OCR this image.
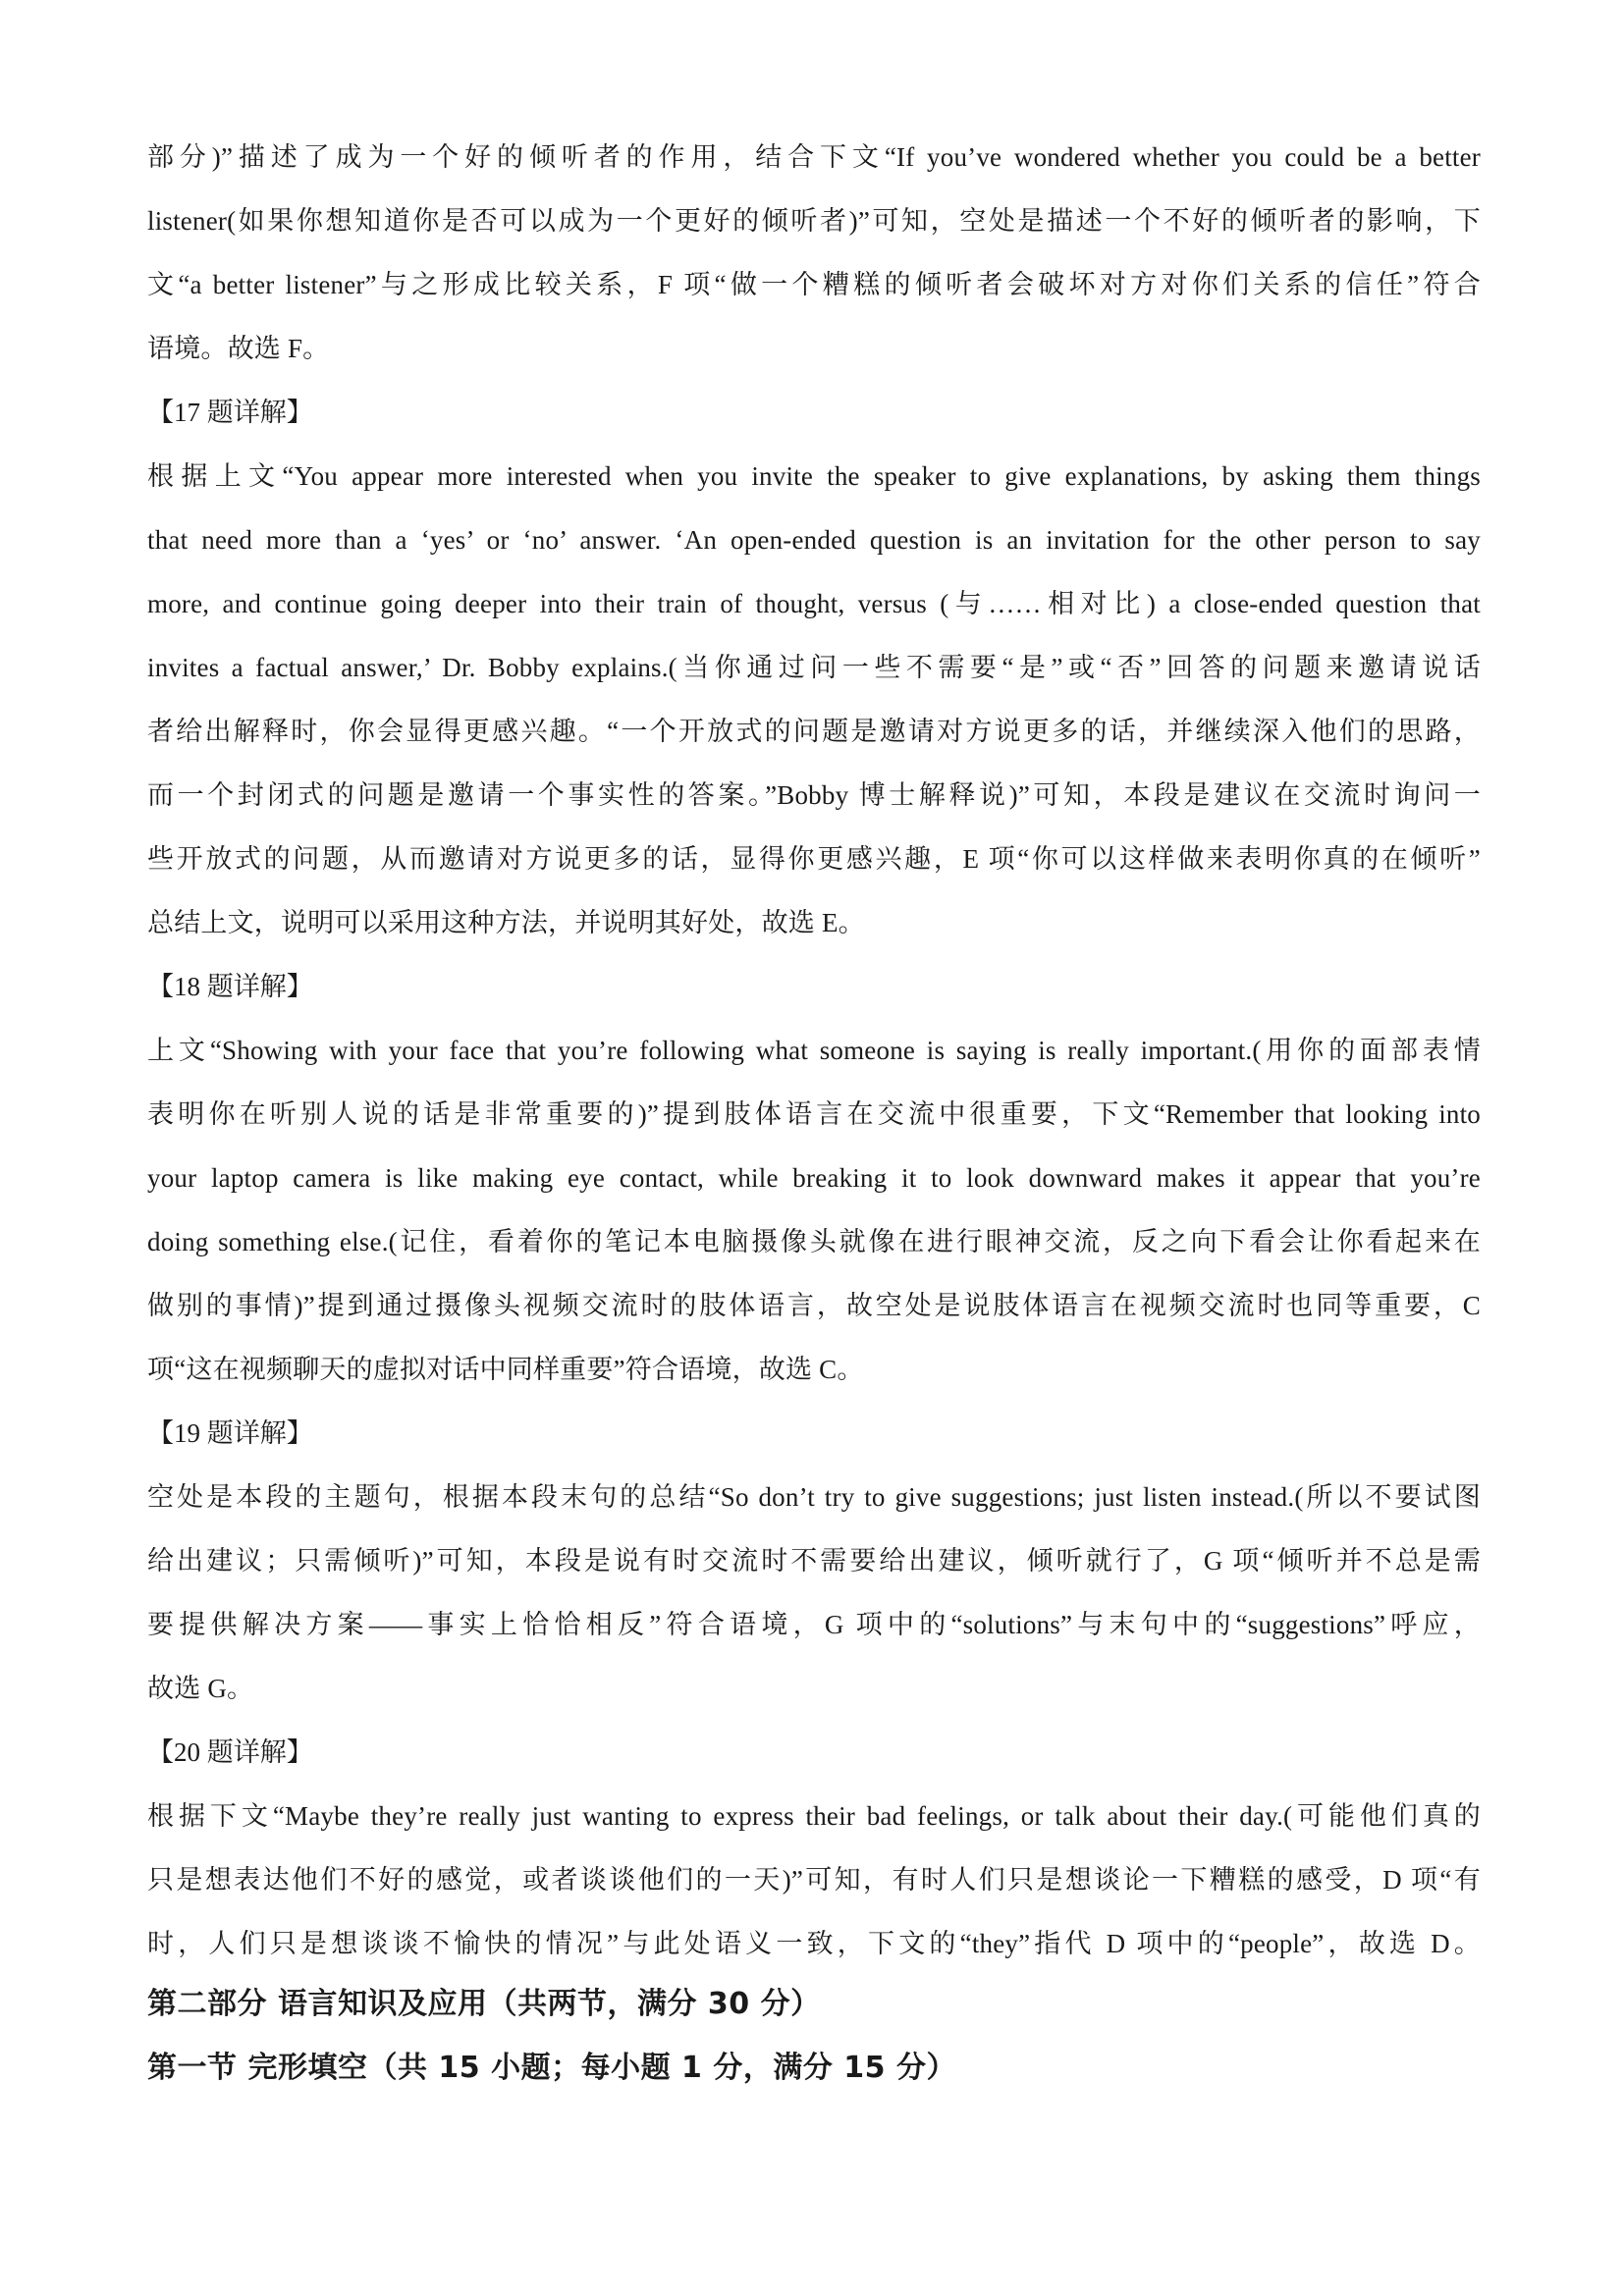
部分)”描述了成为一个好的倾听者的作用，结合下文“If you’ve wondered whether you could be a better
listener(如果你想知道你是否可以成为一个更好的倾听者)”可知，空处是描述一个不好的倾听者的影响，下
文“a better listener”与之形成比较关系，F 项“做一个糟糕的倾听者会破坏对方对你们关系的信任”符合
语境。故选 F。
【17 题详解】
根据上文“You appear more interested when you invite the speaker to give explanations, by asking them things
that need more than a ‘yes’ or ‘no’ answer. ‘An open-ended question is an invitation for the other person to say
more, and continue going deeper into their train of thought, versus (与……相对比) a close-ended question that
invites a factual answer,’ Dr. Bobby explains.(当你通过问一些不需要“是”或“否”回答的问题来邀请说话
者给出解释时，你会显得更感兴趣。“一个开放式的问题是邀请对方说更多的话，并继续深入他们的思路，
而一个封闭式的问题是邀请一个事实性的答案。”Bobby 博士解释说)”可知，本段是建议在交流时询问一
些开放式的问题，从而邀请对方说更多的话，显得你更感兴趣，E 项“你可以这样做来表明你真的在倾听”
总结上文，说明可以采用这种方法，并说明其好处，故选 E。
【18 题详解】
上文“Showing with your face that you’re following what someone is saying is really important.(用你的面部表情
表明你在听别人说的话是非常重要的)”提到肢体语言在交流中很重要，下文“Remember that looking into
your laptop camera is like making eye contact, while breaking it to look downward makes it appear that you’re
doing something else.(记住，看着你的笔记本电脑摄像头就像在进行眼神交流，反之向下看会让你看起来在
做别的事情)”提到通过摄像头视频交流时的肢体语言，故空处是说肢体语言在视频交流时也同等重要，C
项“这在视频聊天的虚拟对话中同样重要”符合语境，故选 C。
【19 题详解】
空处是本段的主题句，根据本段末句的总结“So don’t try to give suggestions; just listen instead.(所以不要试图
给出建议；只需倾听)”可知，本段是说有时交流时不需要给出建议，倾听就行了，G 项“倾听并不总是需
要提供解决方案——事实上恰恰相反”符合语境，G 项中的“solutions”与末句中的“suggestions”呼应，
故选 G。
【20 题详解】
根据下文“Maybe they’re really just wanting to express their bad feelings, or talk about their day.(可能他们真的
只是想表达他们不好的感觉，或者谈谈他们的一天)”可知，有时人们只是想谈论一下糟糕的感受，D 项“有
时，人们只是想谈谈不愉快的情况”与此处语义一致，下文的“they”指代 D 项中的“people”，故选 D。
第二部分 语言知识及应用（共两节，满分 30 分）
第一节 完形填空（共 15 小题；每小题 1 分，满分 15 分）
